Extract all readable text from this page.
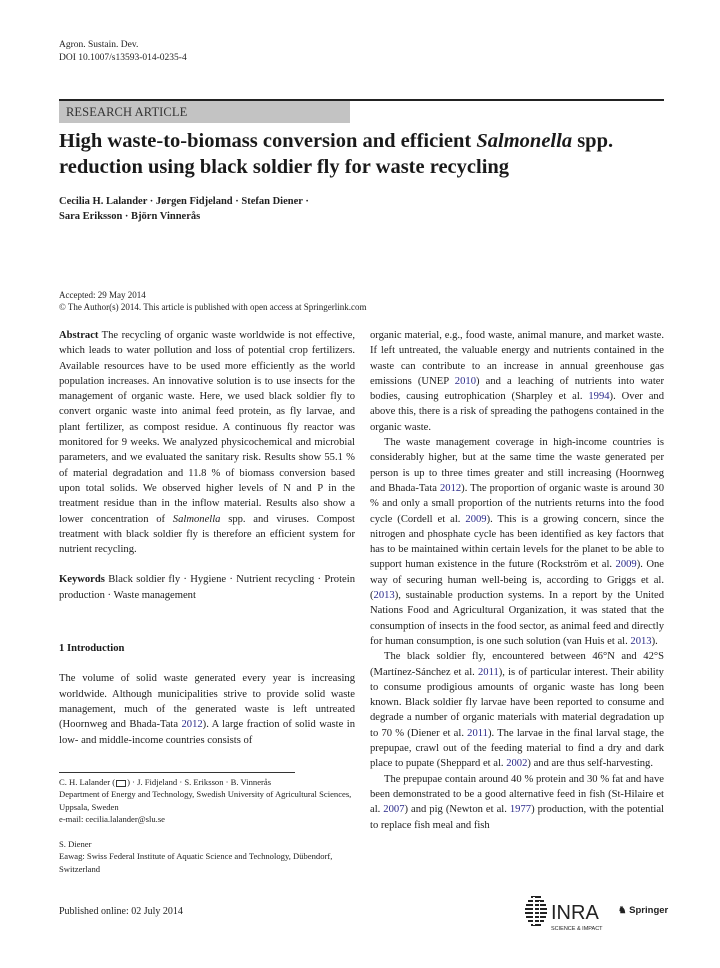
Agron. Sustain. Dev.
DOI 10.1007/s13593-014-0235-4
RESEARCH ARTICLE
High waste-to-biomass conversion and efficient Salmonella spp. reduction using black soldier fly for waste recycling
Cecilia H. Lalander · Jørgen Fidjeland · Stefan Diener ·
Sara Eriksson · Björn Vinnerås
Accepted: 29 May 2014
© The Author(s) 2014. This article is published with open access at Springerlink.com

Abstract The recycling of organic waste worldwide is not effective, which leads to water pollution and loss of potential crop fertilizers. Available resources have to be used more efficiently as the world population increases. An innovative solution is to use insects for the management of organic waste. Here, we used black soldier fly to convert organic waste into animal feed protein, as fly larvae, and plant fertilizer, as compost residue. A continuous fly reactor was monitored for 9 weeks. We analyzed physicochemical and microbial parameters, and we evaluated the sanitary risk. Results show 55.1 % of material degradation and 11.8 % of biomass conversion based upon total solids. We observed higher levels of N and P in the treatment residue than in the inflow material. Results also show a lower concentration of Salmonella spp. and viruses. Compost treatment with black soldier fly is therefore an efficient system for nutrient recycling.

Keywords Black soldier fly · Hygiene · Nutrient recycling · Protein production · Waste management

1 Introduction

The volume of solid waste generated every year is increasing worldwide. Although municipalities strive to provide solid waste management, much of the generated waste is left untreated (Hoornweg and Bhada-Tata 2012). A large fraction of solid waste in low- and middle-income countries consists of

C. H. Lalander ( ) · J. Fidjeland · S. Eriksson · B. Vinnerås
Department of Energy and Technology, Swedish University of Agricultural Sciences, Uppsala, Sweden
e-mail: cecilia.lalander@slu.se
S. Diener
Eawag: Swiss Federal Institute of Aquatic Science and Technology, Dübendorf, Switzerland

organic material, e.g., food waste, animal manure, and market waste. If left untreated, the valuable energy and nutrients contained in the waste can contribute to an increase in annual greenhouse gas emissions (UNEP 2010) and a leaching of nutrients into water bodies, causing eutrophication (Sharpley et al. 1994). Over and above this, there is a risk of spreading the pathogens contained in the organic waste.

The waste management coverage in high-income countries is considerably higher, but at the same time the waste generated per person is up to three times greater and still increasing (Hoornweg and Bhada-Tata 2012). The proportion of organic waste is around 30 % and only a small proportion of the nutrients returns into the food cycle (Cordell et al. 2009). This is a growing concern, since the nitrogen and phosphate cycle has been identified as key factors that has to be maintained within certain levels for the planet to be able to support human existence in the future (Rockström et al. 2009). One way of securing human well-being is, according to Griggs et al. (2013), sustainable production systems. In a report by the United Nations Food and Agricultural Organization, it was stated that the consumption of insects in the food sector, as animal feed and directly for human consumption, is one such solution (van Huis et al. 2013).

The black soldier fly, encountered between 46°N and 42°S (Martínez-Sánchez et al. 2011), is of particular interest. Their ability to consume prodigious amounts of organic waste has long been known. Black soldier fly larvae have been reported to consume and degrade a number of organic materials with material degradation up to 70 % (Diener et al. 2011). The larvae in the final larval stage, the prepupae, crawl out of the feeding material to find a dry and dark place to pupate (Sheppard et al. 2002) and are thus self-harvesting.

The prepupae contain around 40 % protein and 30 % fat and have been demonstrated to be a good alternative feed in fish (St-Hilaire et al. 2007) and pig (Newton et al. 1977) production, with the potential to replace fish meal and fish

Published online: 02 July 2014	INRA
SCIENCE & IMPACT
♞ Springer
